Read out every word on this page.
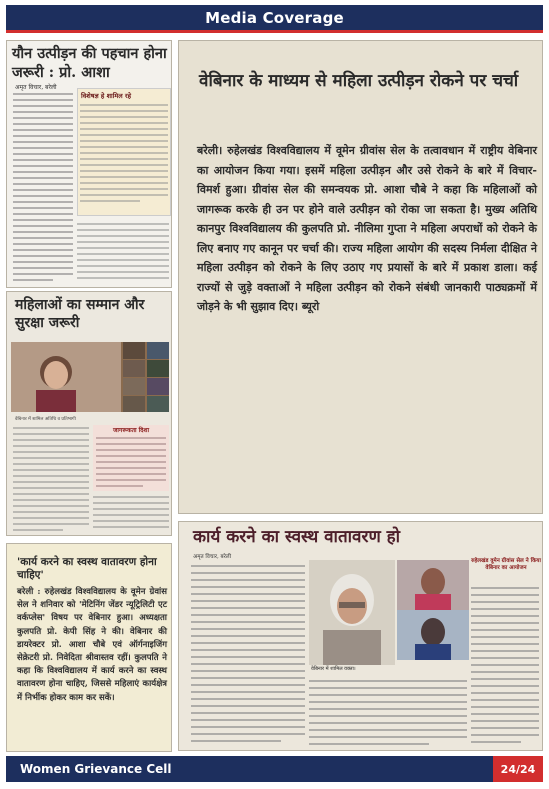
Media Coverage
यौन उत्पीड़न की पहचान होना जरूरी : प्रो. आशा
अमृत विचार, बरेली
विशेषज्ञ हे शामिल रहे
वेबिनार के माध्यम से महिला उत्पीड़न रोकने पर चर्चा
बरेली। रुहेलखंड विश्वविद्यालय में वूमेन ग्रीवांस सेल के तत्वावधान में राष्ट्रीय वेबिनार का आयोजन किया गया। इसमें महिला उत्पीड़न और उसे रोकने के बारे में विचार-विमर्श हुआ। ग्रीवांस सेल की समन्वयक प्रो. आशा चौबे ने कहा कि महिलाओं को जागरूक करके ही उन पर होने वाले उत्पीड़न को रोका जा सकता है। मुख्य अतिथि कानपुर विश्वविद्यालय की कुलपति प्रो. नीलिमा गुप्ता ने महिला अपराधों को रोकने के लिए बनाए गए कानून पर चर्चा की। राज्य महिला आयोग की सदस्य निर्मला दीक्षित ने महिला उत्पीड़न को रोकने के लिए उठाए गए प्रयासों के बारे में प्रकाश डाला। कई राज्यों से जुड़े वक्ताओं ने महिला उत्पीड़न को रोकने संबंधी जानकारी पाठ्यक्रमों में जोड़ने के भी सुझाव दिए। ब्यूरो
महिलाओं का सम्मान और सुरक्षा जरूरी
वेबिनार में शामिल अतिथि व प्रतिभागी
जागरूकता दिशा
'कार्य करने का स्वस्थ वातावरण होना चाहिए'
बरेली : रुहेलखंड विश्वविद्यालय के वूमेन ग्रेवांस सेल ने शनिवार को 'मेटिनिंग जेंडर न्यूट्रिलिटी एट वर्कप्लेस' विषय पर वेबिनार हुआ। अध्यक्षता कुलपति प्रो. केपी सिंह ने की। वेबिनार की डायरेक्टर प्रो. आशा चौबे एवं ऑर्गनाइजिंग सेक्रेटरी प्रो. निवेदिता श्रीवास्तव रहीं। कुलपति ने कहा कि विश्वविद्यालय में कार्य करने का स्वस्थ वातावरण होना चाहिए, जिससे महिलाएं कार्यक्षेत्र में निर्भीक होकर काम कर सकें।
कार्य करने का स्वस्थ वातावरण हो
अमृत विचार, बरेली
रुहेलखंड वूमेन ग्रीवांस सेल ने किया वेबिनार का आयोजन
वेबिनार में शामिल वक्ता।
Women Grievance Cell	24/24
